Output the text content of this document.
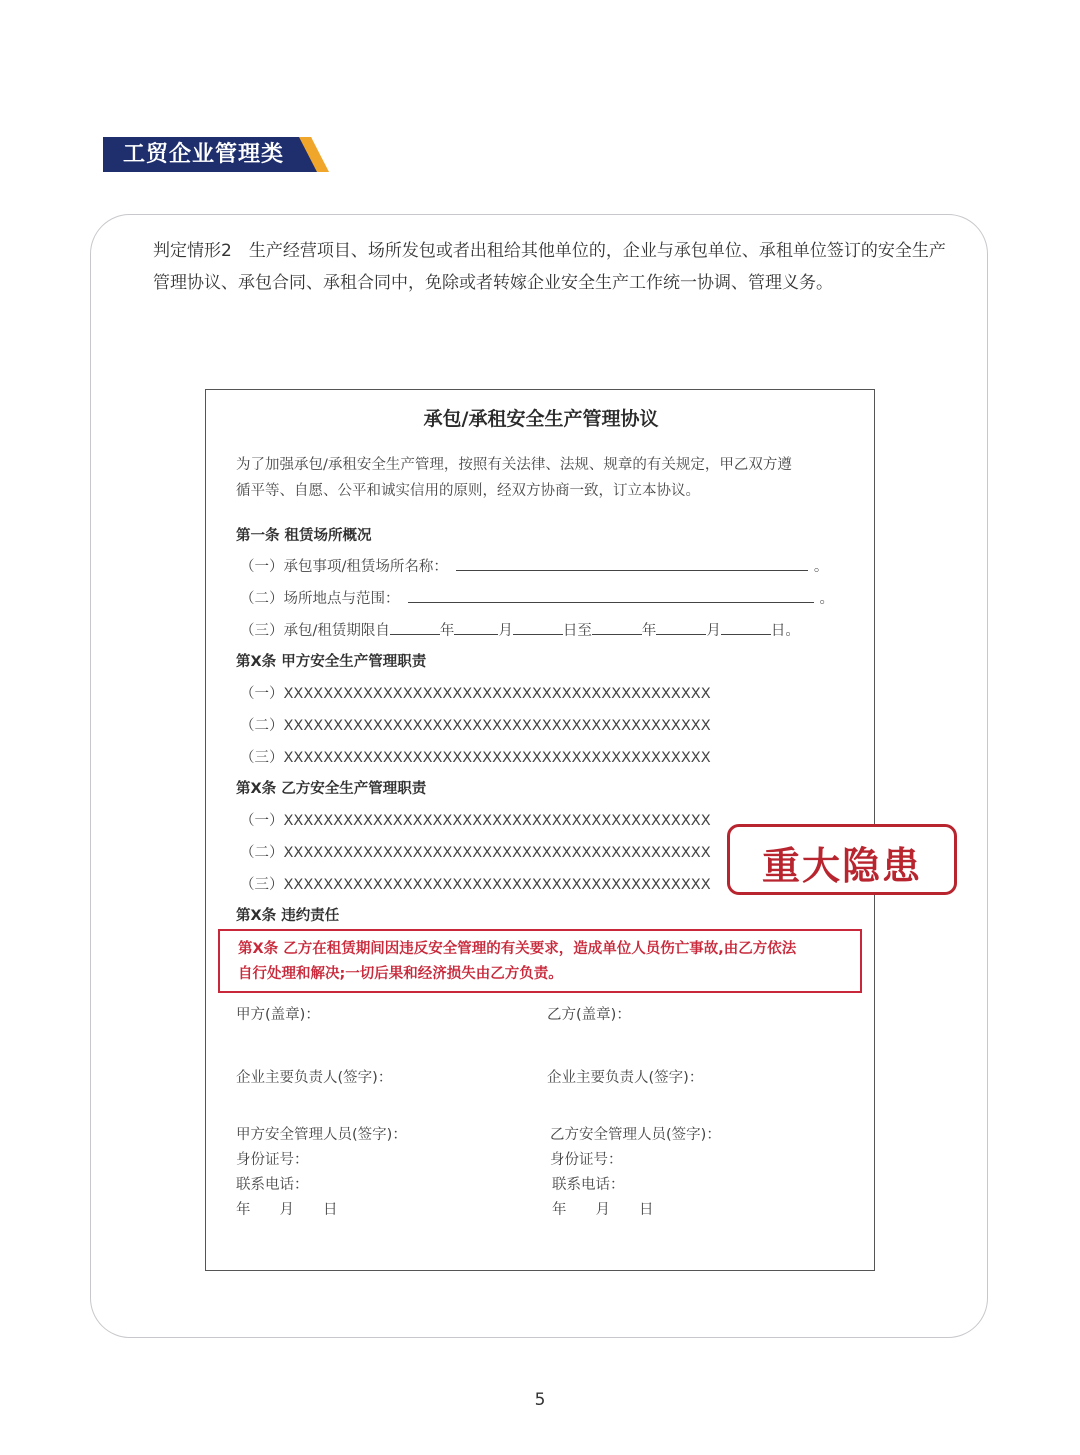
工贸企业管理类
判定情形2　生产经营项目、场所发包或者出租给其他单位的，企业与承包单位、承租单位签订的安全生产
管理协议、承包合同、承租合同中，免除或者转嫁企业安全生产工作统一协调、管理义务。
承包/承租安全生产管理协议
为了加强承包/承租安全生产管理，按照有关法律、法规、规章的有关规定，甲乙双方遵
循平等、自愿、公平和诚实信用的原则，经双方协商一致，订立本协议。
第一条 租赁场所概况
（一）承包事项/租赁场所名称：	。
（二）场所地点与范围：	。
（三）承包/租赁期限自	年	月	日至	年	月	日。
第X条 甲方安全生产管理职责
（一）XXXXXXXXXXXXXXXXXXXXXXXXXXXXXXXXXXXXXXXXXXX
（二）XXXXXXXXXXXXXXXXXXXXXXXXXXXXXXXXXXXXXXXXXXX
（三）XXXXXXXXXXXXXXXXXXXXXXXXXXXXXXXXXXXXXXXXXXX
第X条 乙方安全生产管理职责
（一）XXXXXXXXXXXXXXXXXXXXXXXXXXXXXXXXXXXXXXXXXXX
（二）XXXXXXXXXXXXXXXXXXXXXXXXXXXXXXXXXXXXXXXXXXX
（三）XXXXXXXXXXXXXXXXXXXXXXXXXXXXXXXXXXXXXXXXXXX
第X条 违约责任
第X条 乙方在租赁期间因违反安全管理的有关要求，造成单位人员伤亡事故,由乙方依法
自行处理和解决;一切后果和经济损失由乙方负责。
甲方(盖章)：	乙方(盖章)：
企业主要负责人(签字)：	企业主要负责人(签字)：
甲方安全管理人员(签字)：	乙方安全管理人员(签字)：
身份证号：	身份证号：
联系电话：	联系电话：
年　　月　　日	年　　月　　日
重大隐患
5
